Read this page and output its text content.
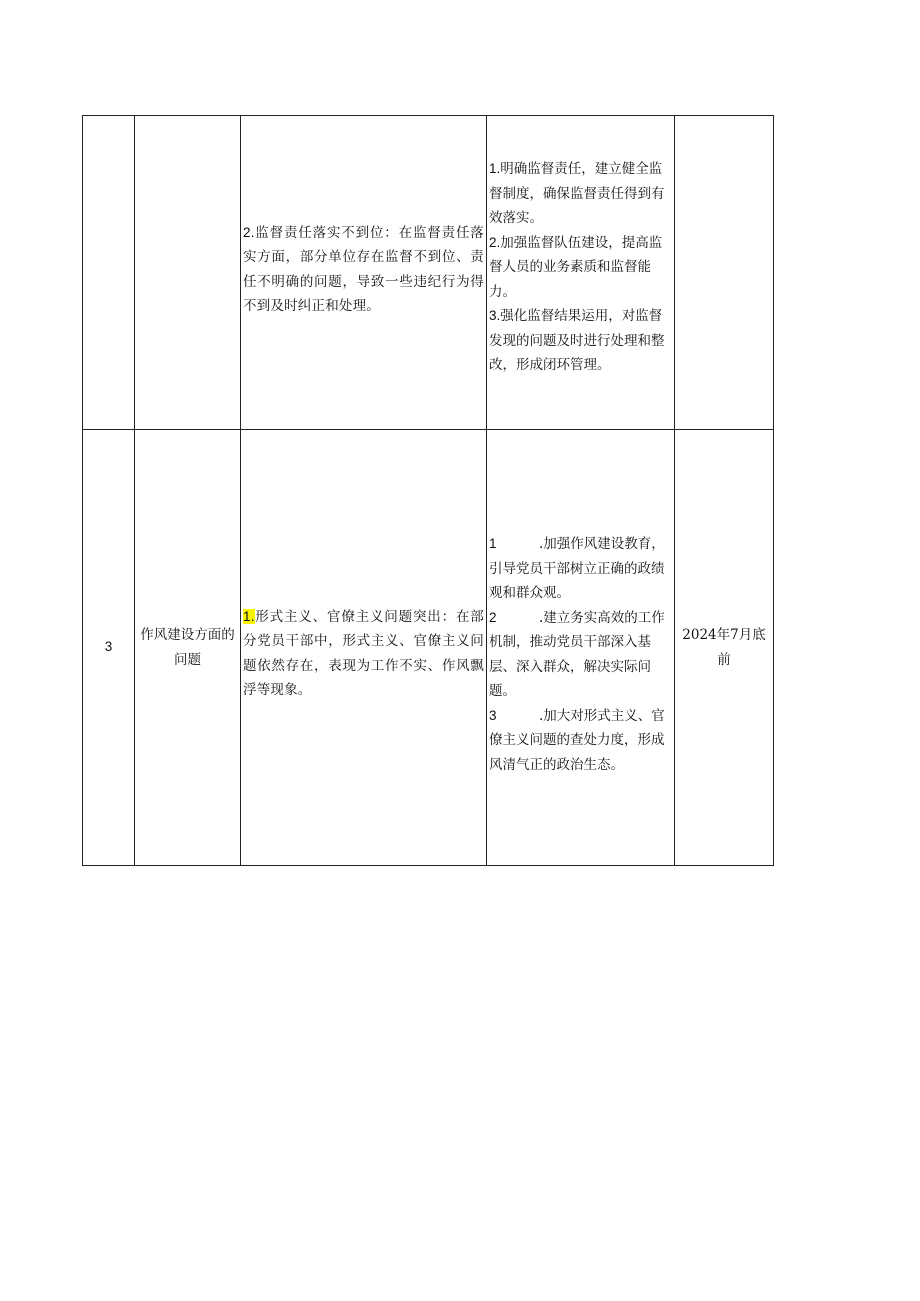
		2.监督责任落实不到位：在监督责任落实方面，部分单位存在监督不到位、责任不明确的问题，导致一些违纪行为得不到及时纠正和处理。	1.明确监督责任，建立健全监督制度，确保监督责任得到有效落实。
2.加强监督队伍建设，提高监督人员的业务素质和监督能力。
3.强化监督结果运用，对监督发现的问题及时进行处理和整改，形成闭环管理。	

3	作风建设方面的问题	1.形式主义、官僚主义问题突出：在部分党员干部中，形式主义、官僚主义问题依然存在，表现为工作不实、作风飘浮等现象。	1 .加强作风建设教育，引导党员干部树立正确的政绩观和群众观。
2 .建立务实高效的工作机制，推动党员干部深入基层、深入群众，解决实际问题。
3 .加大对形式主义、官僚主义问题的查处力度，形成风清气正的政治生态。	2024年7月底前
